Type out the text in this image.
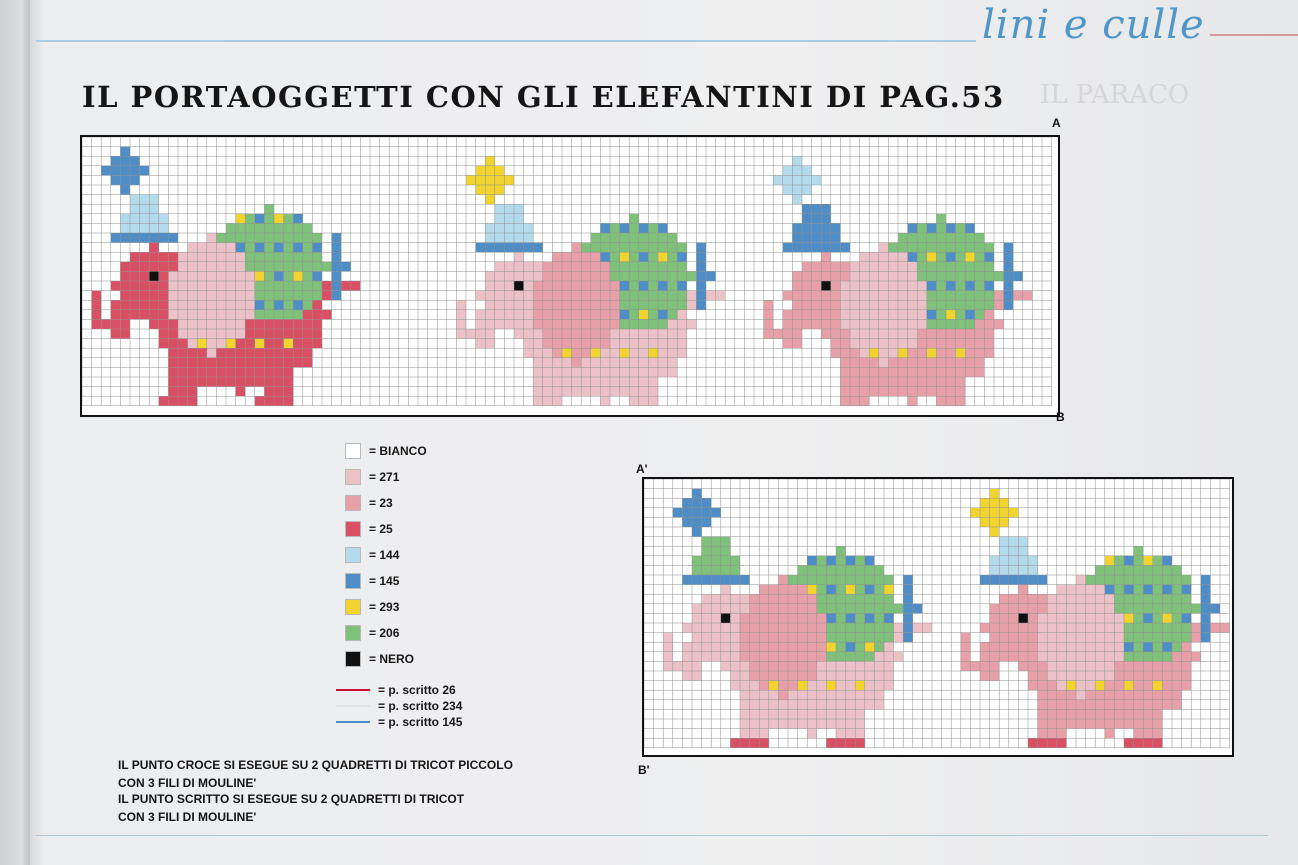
lini e culle
IL PARACO
IL PORTAOGGETTI CON GLI ELEFANTINI DI PAG.53
A
B
A'
B'
= BIANCO
= 271
= 23
= 25
= 144
= 145
= 293
= 206
= NERO
= p. scritto 26
= p. scritto 234
= p. scritto 145
IL PUNTO CROCE SI ESEGUE SU 2 QUADRETTI DI TRICOT PICCOLO
CON 3 FILI DI MOULINE'
IL PUNTO SCRITTO SI ESEGUE SU 2 QUADRETTI DI TRICOT
CON 3 FILI DI MOULINE'
